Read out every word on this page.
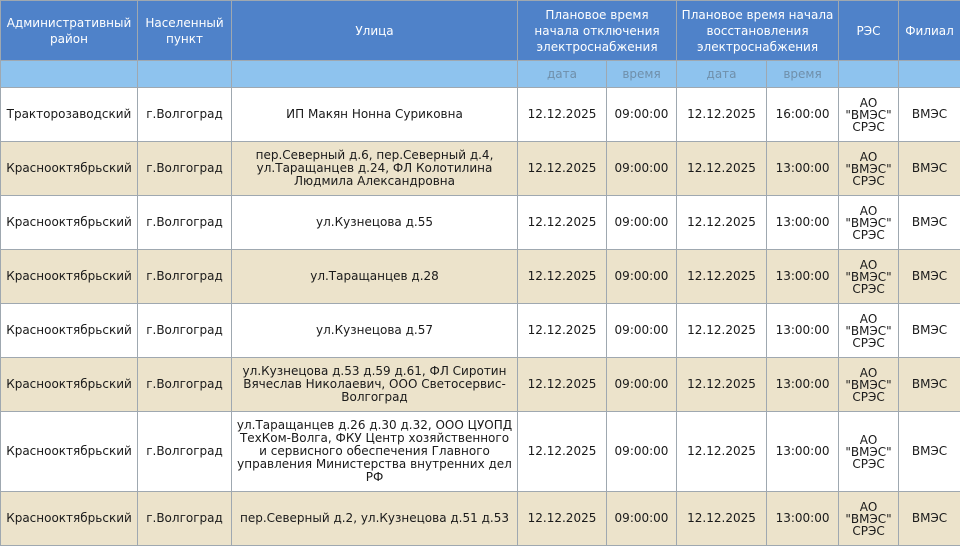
Административный район	Населенный пункт	Улица	Плановое время начала отключения электроснабжения		Плановое время начала восстановления электроснабжения		РЭС	Филиал
			дата	время	дата	время		
Тракторозаводский	г.Волгоград	ИП Макян Нонна Суриковна	12.12.2025	09:00:00	12.12.2025	16:00:00	АО "ВМЭС" СРЭС	ВМЭС
Краснооктябрьский	г.Волгоград	пер.Северный д.6, пер.Северный д.4, ул.Таращанцев д.24, ФЛ Колотилина Людмила Александровна	12.12.2025	09:00:00	12.12.2025	13:00:00	АО "ВМЭС" СРЭС	ВМЭС
Краснооктябрьский	г.Волгоград	ул.Кузнецова д.55	12.12.2025	09:00:00	12.12.2025	13:00:00	АО "ВМЭС" СРЭС	ВМЭС
Краснооктябрьский	г.Волгоград	ул.Таращанцев д.28	12.12.2025	09:00:00	12.12.2025	13:00:00	АО "ВМЭС" СРЭС	ВМЭС
Краснооктябрьский	г.Волгоград	ул.Кузнецова д.57	12.12.2025	09:00:00	12.12.2025	13:00:00	АО "ВМЭС" СРЭС	ВМЭС
Краснооктябрьский	г.Волгоград	ул.Кузнецова д.53 д.59 д.61, ФЛ Сиротин Вячеслав Николаевич, ООО Светосервис-Волгоград	12.12.2025	09:00:00	12.12.2025	13:00:00	АО "ВМЭС" СРЭС	ВМЭС
Краснооктябрьский	г.Волгоград	ул.Таращанцев д.26 д.30 д.32, ООО ЦУОПД ТехКом-Волга, ФКУ Центр хозяйственного и сервисного обеспечения Главного управления Министерства внутренних дел РФ	12.12.2025	09:00:00	12.12.2025	13:00:00	АО "ВМЭС" СРЭС	ВМЭС
Краснооктябрьский	г.Волгоград	пер.Северный д.2, ул.Кузнецова д.51 д.53	12.12.2025	09:00:00	12.12.2025	13:00:00	АО "ВМЭС" СРЭС	ВМЭС
